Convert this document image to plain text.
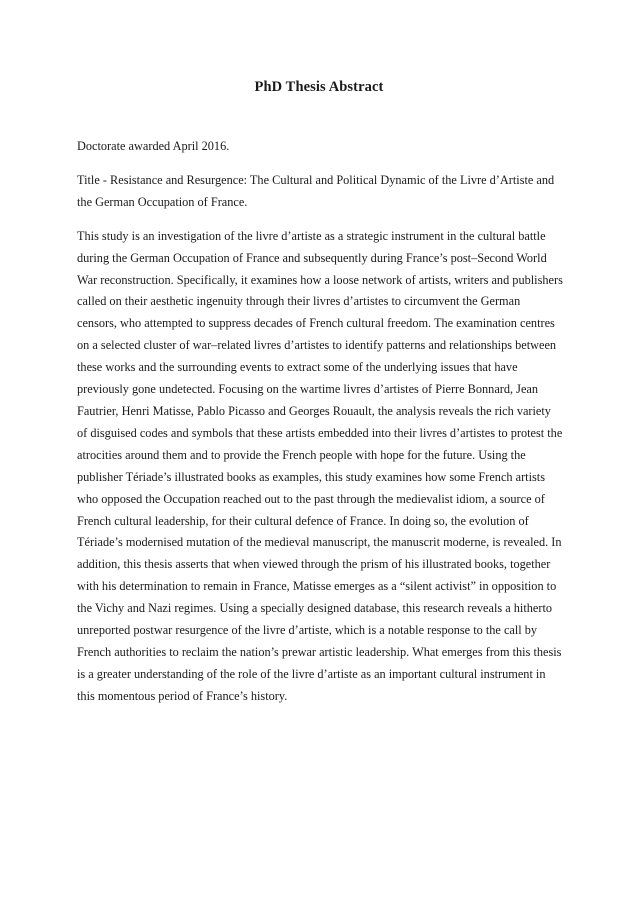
PhD Thesis Abstract

Doctorate awarded April 2016.

Title - Resistance and Resurgence: The Cultural and Political Dynamic of the Livre d’Artiste and the German Occupation of France.

This study is an investigation of the livre d’artiste as a strategic instrument in the cultural battle during the German Occupation of France and subsequently during France’s post–Second World War reconstruction. Specifically, it examines how a loose network of artists, writers and publishers called on their aesthetic ingenuity through their livres d’artistes to circumvent the German censors, who attempted to suppress decades of French cultural freedom. The examination centres on a selected cluster of war–related livres d’artistes to identify patterns and relationships between these works and the surrounding events to extract some of the underlying issues that have previously gone undetected. Focusing on the wartime livres d’artistes of Pierre Bonnard, Jean Fautrier, Henri Matisse, Pablo Picasso and Georges Rouault, the analysis reveals the rich variety of disguised codes and symbols that these artists embedded into their livres d’artistes to protest the atrocities around them and to provide the French people with hope for the future. Using the publisher Tériade’s illustrated books as examples, this study examines how some French artists who opposed the Occupation reached out to the past through the medievalist idiom, a source of French cultural leadership, for their cultural defence of France. In doing so, the evolution of Tériade’s modernised mutation of the medieval manuscript, the manuscrit moderne, is revealed. In addition, this thesis asserts that when viewed through the prism of his illustrated books, together with his determination to remain in France, Matisse emerges as a “silent activist” in opposition to the Vichy and Nazi regimes. Using a specially designed database, this research reveals a hitherto unreported postwar resurgence of the livre d’artiste, which is a notable response to the call by French authorities to reclaim the nation’s prewar artistic leadership. What emerges from this thesis is a greater understanding of the role of the livre d’artiste as an important cultural instrument in this momentous period of France’s history.
